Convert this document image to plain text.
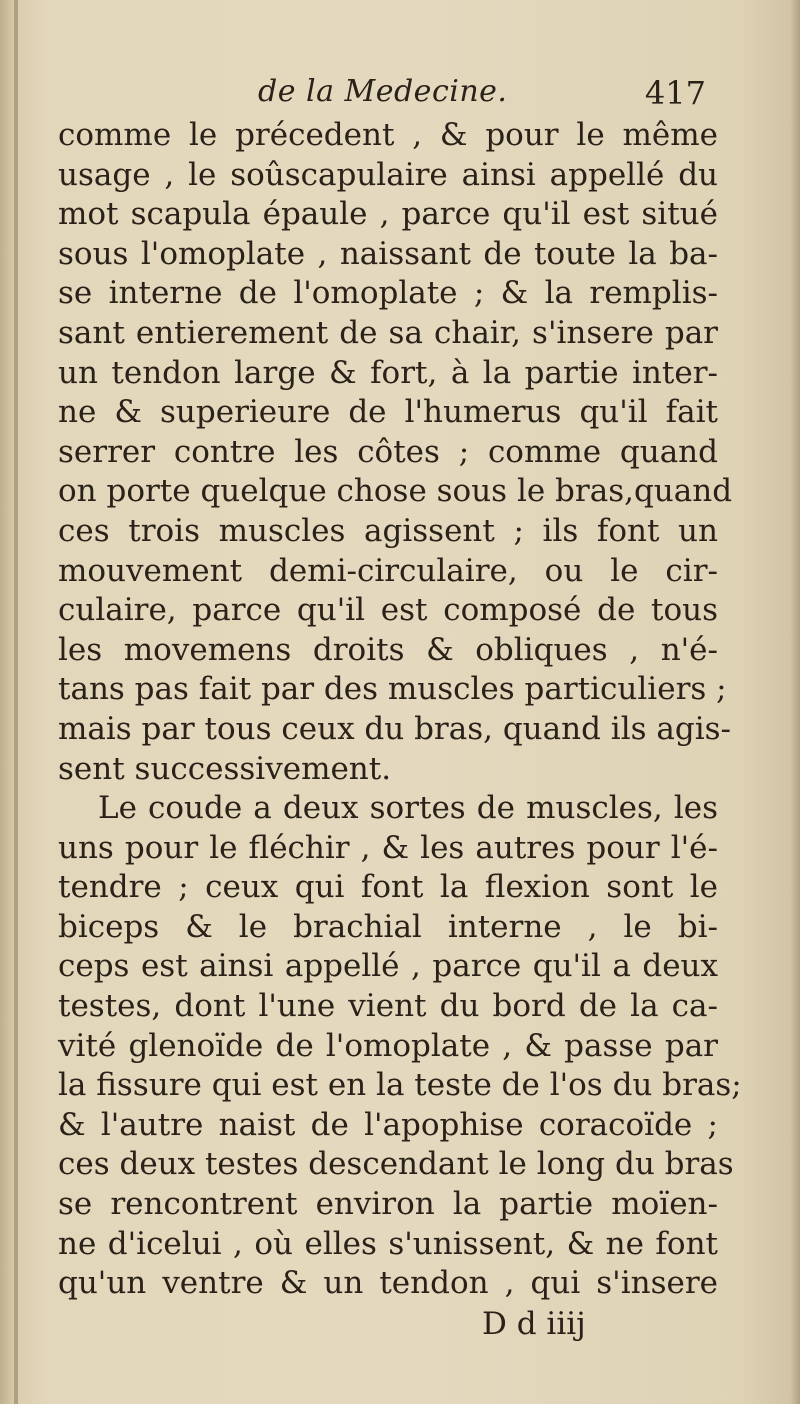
de la Medecine.	417
comme le précedent , & pour le même
usage , le soûscapulaire ainsi appellé du
mot scapula épaule , parce qu'il est situé
sous l'omoplate , naissant de toute la ba-
se interne de l'omoplate ; & la remplis-
sant entierement de sa chair, s'insere par
un tendon large & fort, à la partie inter-
ne & superieure de l'humerus qu'il fait
serrer contre les côtes ; comme quand
on porte quelque chose sous le bras,quand
ces trois muscles agissent ; ils font un
mouvement demi-circulaire, ou le cir-
culaire, parce qu'il est composé de tous
les movemens droits & obliques , n'é-
tans pas fait par des muscles particuliers ;
mais par tous ceux du bras, quand ils agis-
sent successivement.
Le coude a deux sortes de muscles, les
uns pour le fléchir , & les autres pour l'é-
tendre ; ceux qui font la flexion sont le
biceps & le brachial interne , le bi-
ceps est ainsi appellé , parce qu'il a deux
testes, dont l'une vient du bord de la ca-
vité glenoïde de l'omoplate , & passe par
la fissure qui est en la teste de l'os du bras;
& l'autre naist de l'apophise coracoïde ;
ces deux testes descendant le long du bras
se rencontrent environ la partie moïen-
ne d'icelui , où elles s'unissent, & ne font
qu'un ventre & un tendon , qui s'insere
D d iiij
